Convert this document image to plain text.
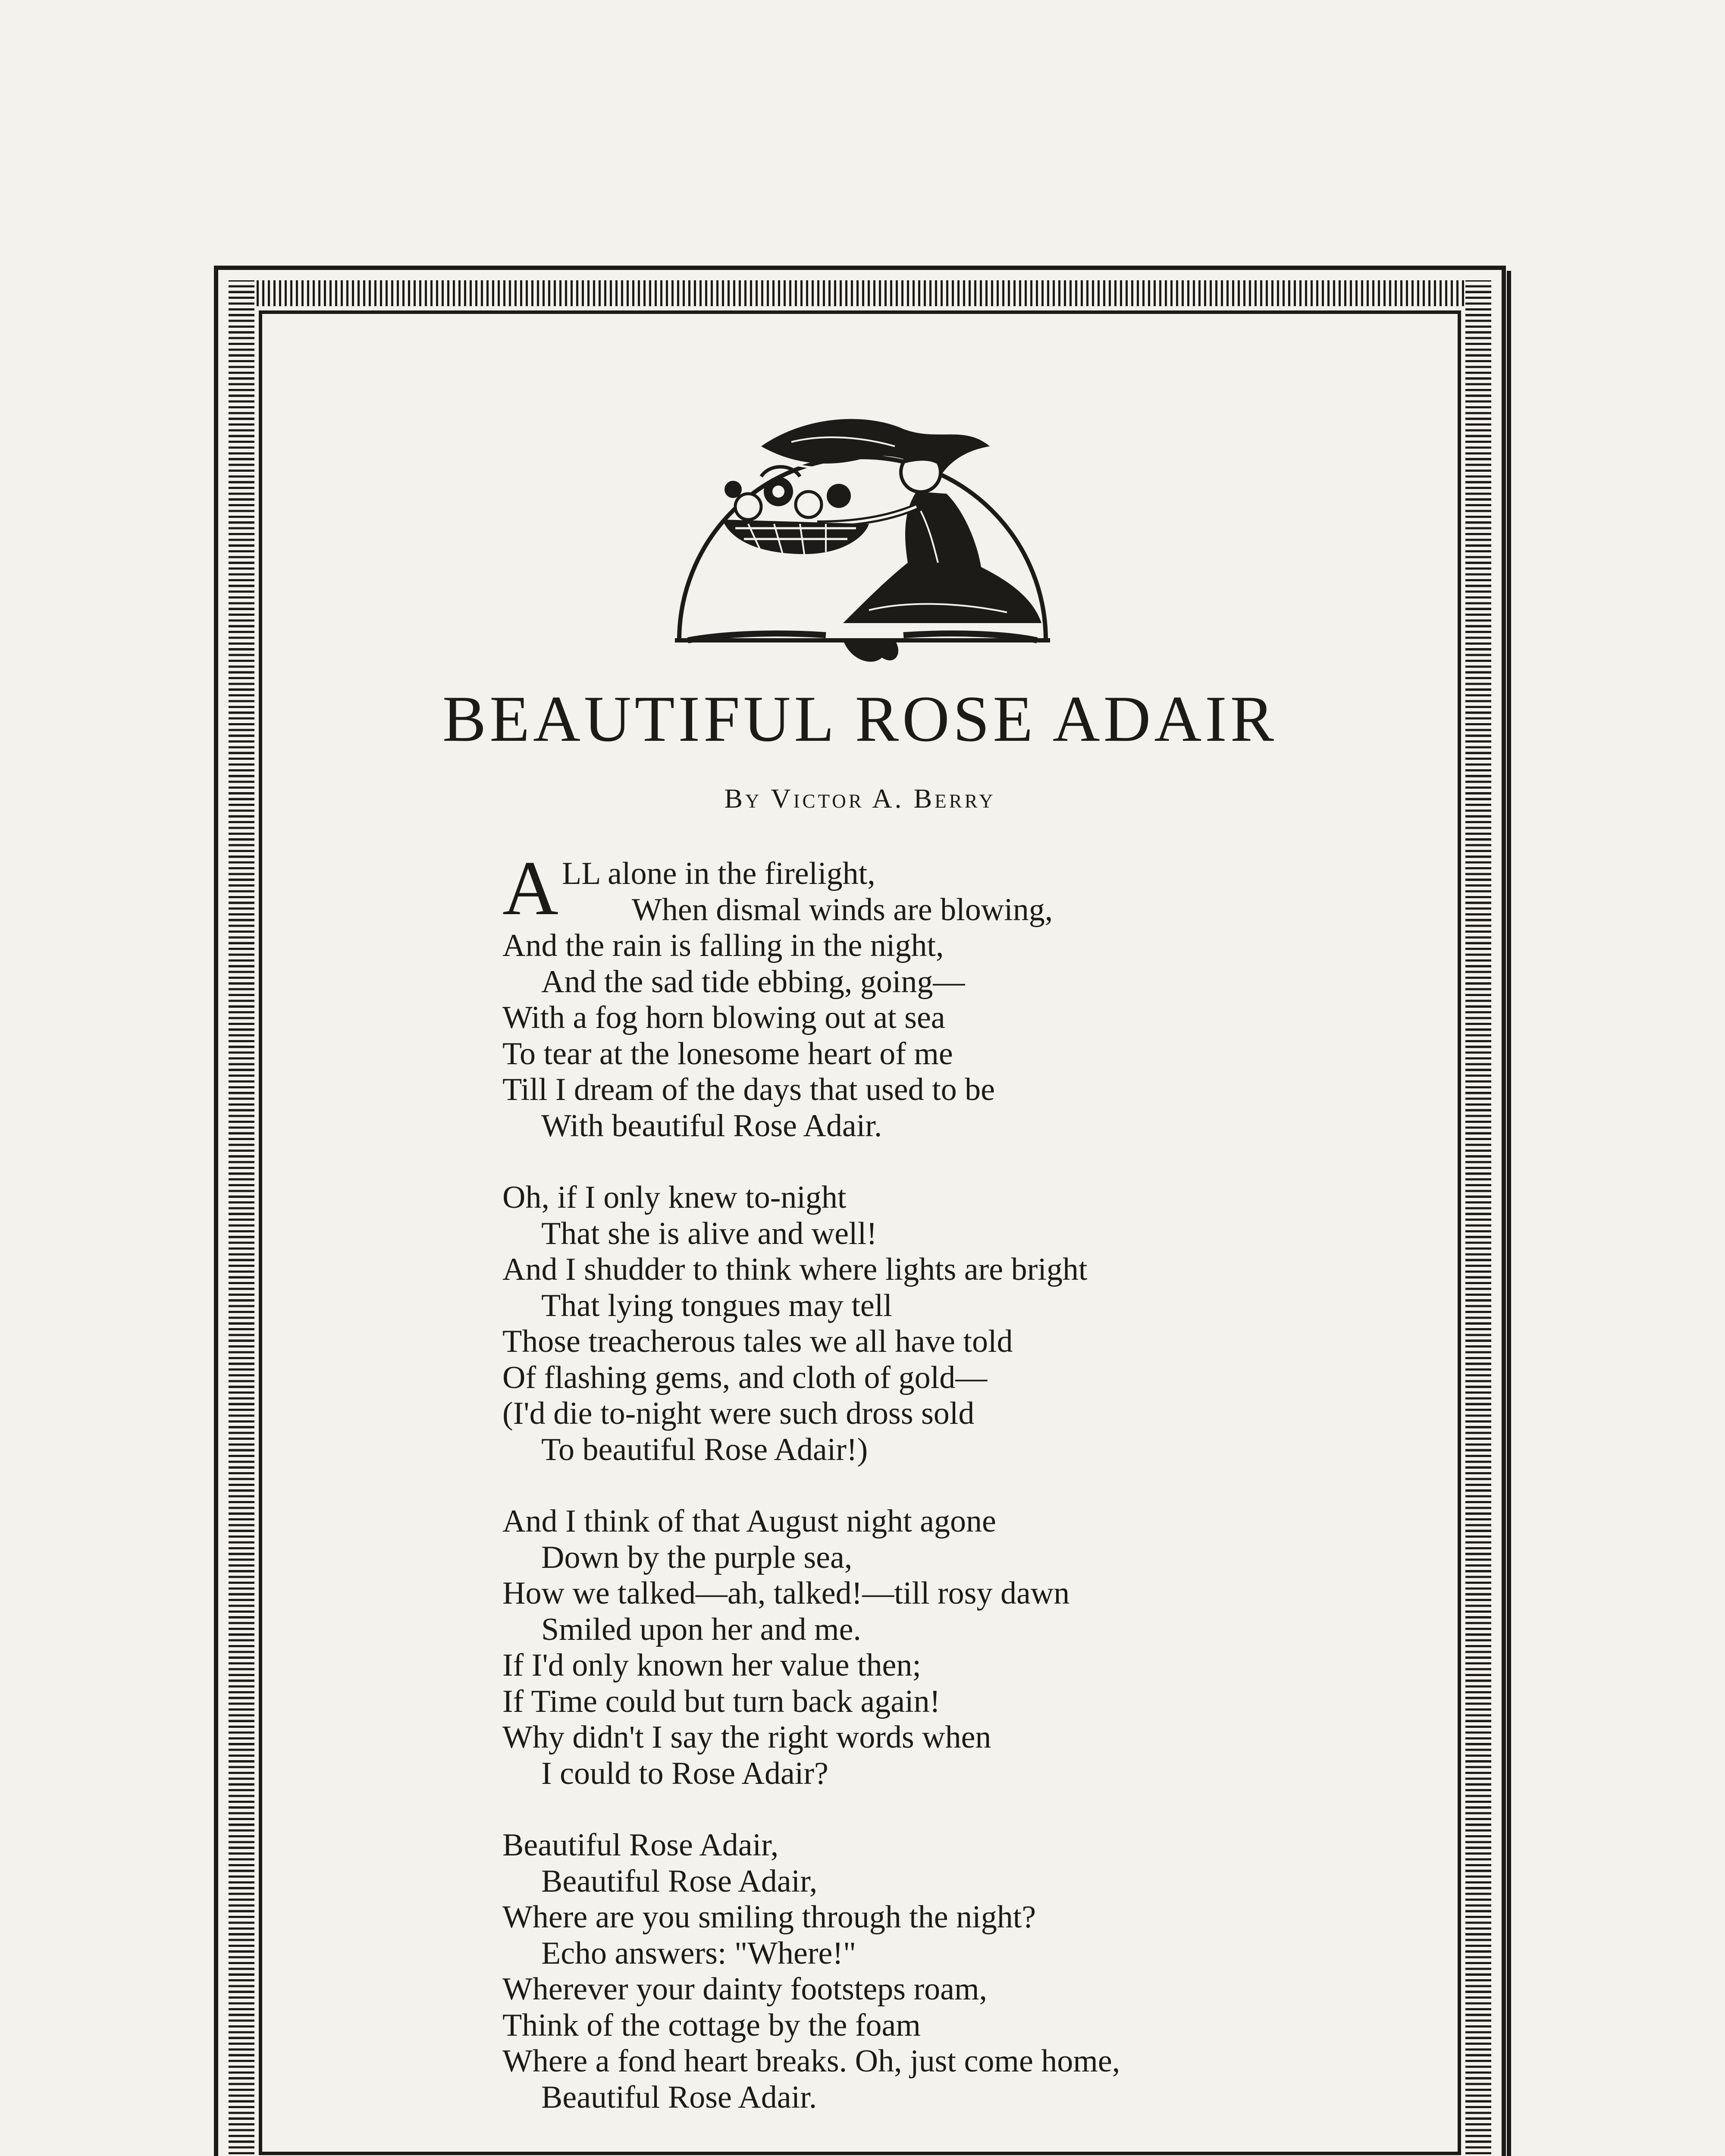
BEAUTIFUL ROSE ADAIR
By Victor A. Berry
ALL alone in the firelight,
When dismal winds are blowing,
And the rain is falling in the night,
And the sad tide ebbing, going—
With a fog horn blowing out at sea
To tear at the lonesome heart of me
Till I dream of the days that used to be
With beautiful Rose Adair.
Oh, if I only knew to-night
That she is alive and well!
And I shudder to think where lights are bright
That lying tongues may tell
Those treacherous tales we all have told
Of flashing gems, and cloth of gold—
(I'd die to-night were such dross sold
To beautiful Rose Adair!)
And I think of that August night agone
Down by the purple sea,
How we talked—ah, talked!—till rosy dawn
Smiled upon her and me.
If I'd only known her value then;
If Time could but turn back again!
Why didn't I say the right words when
I could to Rose Adair?
Beautiful Rose Adair,
Beautiful Rose Adair,
Where are you smiling through the night?
Echo answers: "Where!"
Wherever your dainty footsteps roam,
Think of the cottage by the foam
Where a fond heart breaks. Oh, just come home,
Beautiful Rose Adair.
